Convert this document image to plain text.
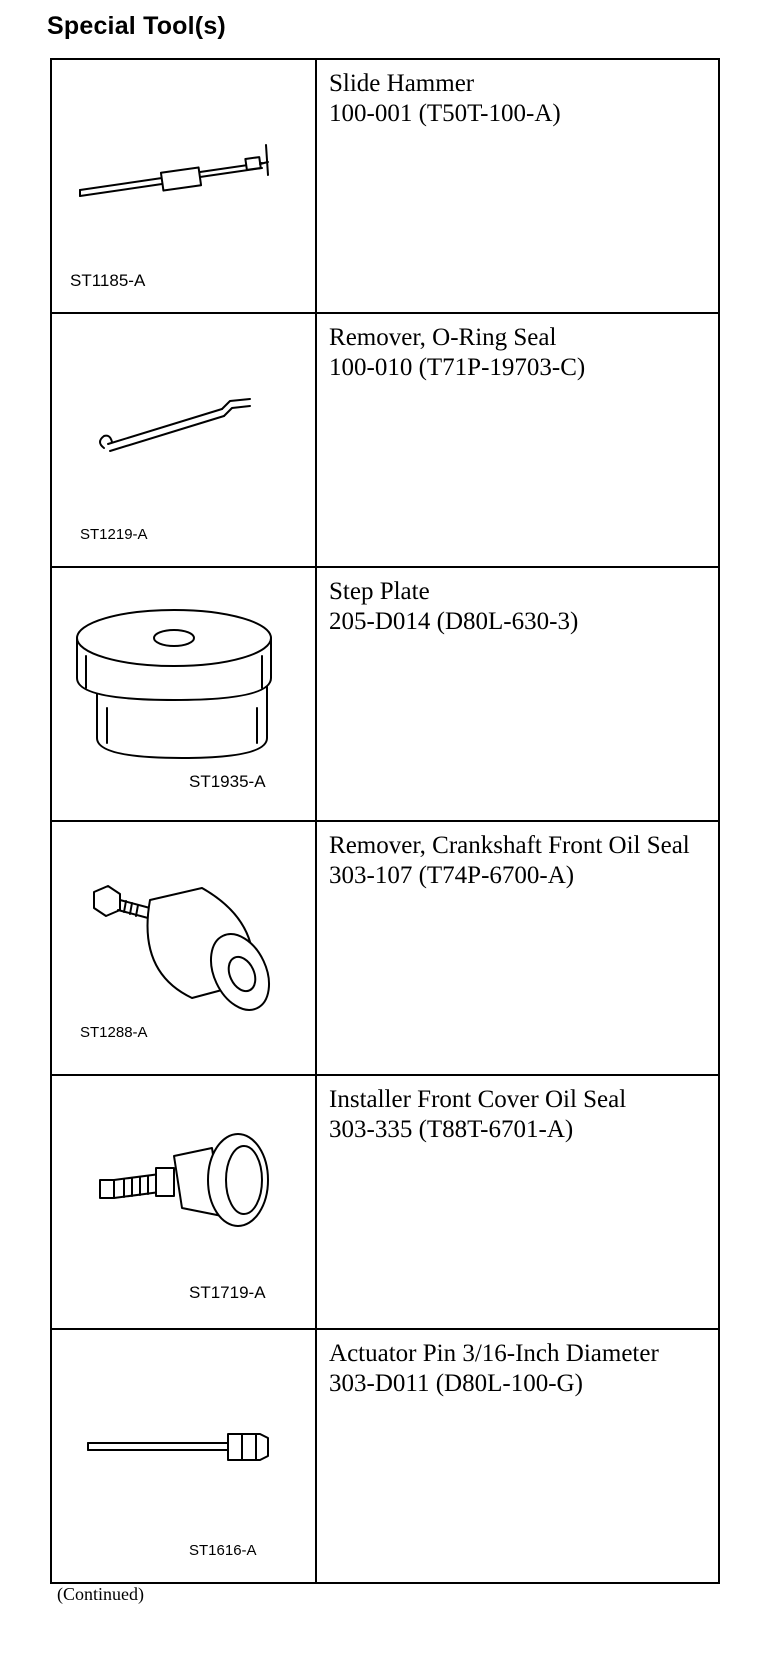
Special Tool(s)
ST1185-A	Slide Hammer
100-001 (T50T-100-A)

ST1219-A	Remover, O-Ring Seal
100-010 (T71P-19703-C)

ST1935-A	Step Plate
205-D014 (D80L-630-3)

ST1288-A	Remover, Crankshaft Front Oil Seal
303-107 (T74P-6700-A)

ST1719-A	Installer Front Cover Oil Seal
303-335 (T88T-6701-A)

ST1616-A	Actuator Pin 3/16-Inch Diameter
303-D011 (D80L-100-G)
(Continued)
